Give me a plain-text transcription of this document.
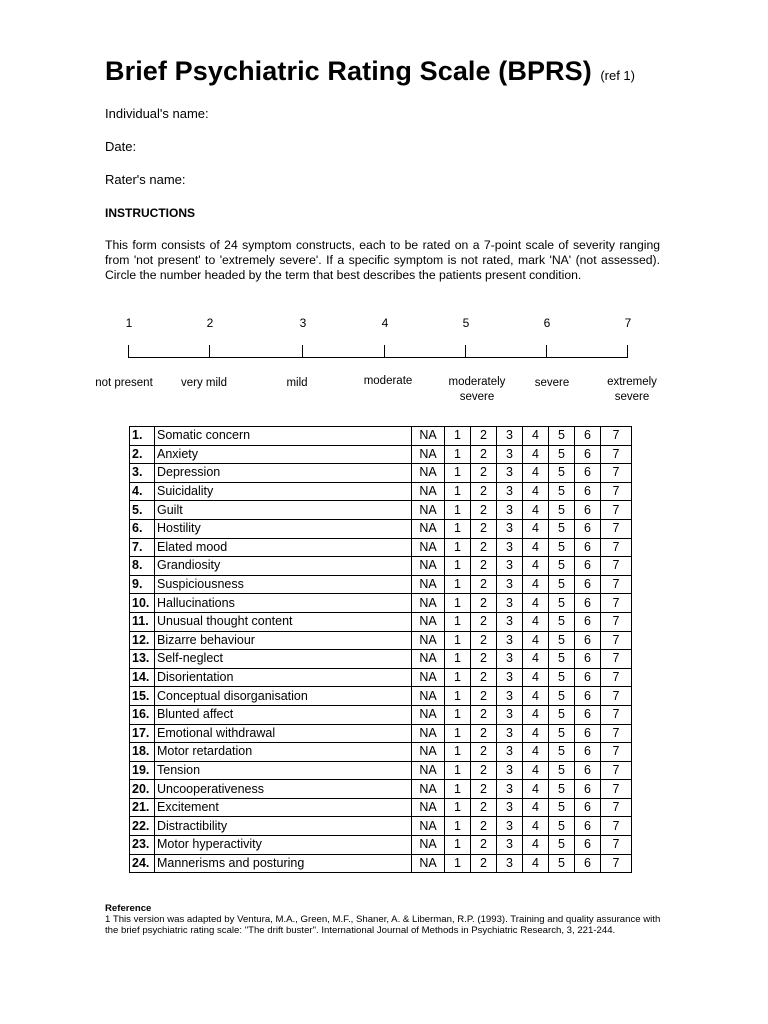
Brief Psychiatric Rating Scale (BPRS) (ref 1)
Individual's name:
Date:
Rater's name:
INSTRUCTIONS
This form consists of 24 symptom constructs, each to be rated on a 7-point scale of severity ranging from 'not present' to 'extremely severe'. If a specific symptom is not rated, mark 'NA' (not assessed). Circle the number headed by the term that best describes the patients present condition.
1	2	3	4	5	6	7
not present	very mild	mild	moderate	moderately severe
severe	extremely severe
1.	Somatic concern	NA	1	2	3	4	5	6	7
2.	Anxiety	NA	1	2	3	4	5	6	7
3.	Depression	NA	1	2	3	4	5	6	7
4.	Suicidality	NA	1	2	3	4	5	6	7
5.	Guilt	NA	1	2	3	4	5	6	7
6.	Hostility	NA	1	2	3	4	5	6	7
7.	Elated mood	NA	1	2	3	4	5	6	7
8.	Grandiosity	NA	1	2	3	4	5	6	7
9.	Suspiciousness	NA	1	2	3	4	5	6	7
10.	Hallucinations	NA	1	2	3	4	5	6	7
11.	Unusual thought content	NA	1	2	3	4	5	6	7
12.	Bizarre behaviour	NA	1	2	3	4	5	6	7
13.	Self-neglect	NA	1	2	3	4	5	6	7
14.	Disorientation	NA	1	2	3	4	5	6	7
15.	Conceptual disorganisation	NA	1	2	3	4	5	6	7
16.	Blunted affect	NA	1	2	3	4	5	6	7
17.	Emotional withdrawal	NA	1	2	3	4	5	6	7
18.	Motor retardation	NA	1	2	3	4	5	6	7
19.	Tension	NA	1	2	3	4	5	6	7
20.	Uncooperativeness	NA	1	2	3	4	5	6	7
21.	Excitement	NA	1	2	3	4	5	6	7
22.	Distractibility	NA	1	2	3	4	5	6	7
23.	Motor hyperactivity	NA	1	2	3	4	5	6	7
24.	Mannerisms and posturing	NA	1	2	3	4	5	6	7
Reference
1 This version was adapted by Ventura, M.A., Green, M.F., Shaner, A. & Liberman, R.P. (1993). Training and quality assurance with the brief psychiatric rating scale: "The drift buster". International Journal of Methods in Psychiatric Research, 3, 221-244.
